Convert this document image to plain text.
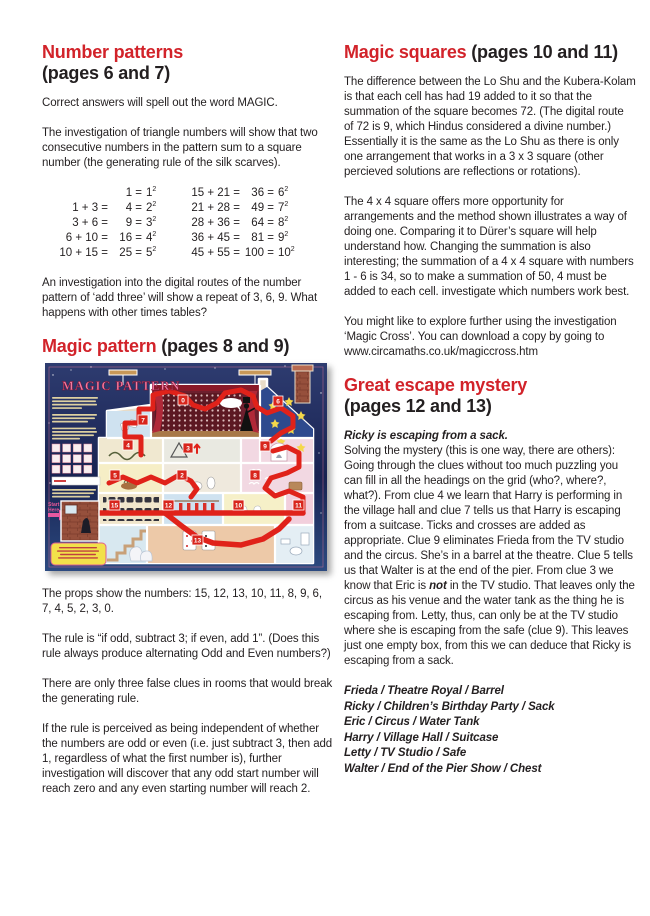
Number patterns
(pages 6 and 7)

Correct answers will spell out the word MAGIC.

The investigation of triangle numbers will show that two consecutive numbers in the pattern sum to a square number (the generating rule of the silk scarves).

	1 =	$1^2$
1 + 3 =	4 =	$2^2$
3 + 6 =	9 =	$3^2$
6 + 10 =	16 =	$4^2$
10 + 15 =	25 =	$5^2$
15 + 21 =	36 =	$6^2$
21 + 28 =	49 =	$7^2$
28 + 36 =	64 =	$8^2$
36 + 45 =	81 =	$9^2$
45 + 55 =	100 =	$10^2$

An investigation into the digital routes of the number pattern of ‘add three’ will show a repeat of 3, 6, 9. What happens with other times tables?

Magic pattern (pages 8 and 9)
0	6
7
4	3	9
5	2	8
15	12	10	11
13
MAGIC PATTERN
Start
Here

The props show the numbers: 15, 12, 13, 10, 11, 8, 9, 6, 7, 4, 5, 2, 3, 0.

The rule is “if odd, subtract 3; if even, add 1”. (Does this rule always produce alternating Odd and Even numbers?)

There are only three false clues in rooms that would break the generating rule.

If the rule is perceived as being independent of whether the numbers are odd or even (i.e. just subtract 3, then add 1, regardless of what the first number is), further investigation will discover that any odd start number will reach zero and any even starting number will reach 2.

Magic squares (pages 10 and 11)

The difference between the Lo Shu and the Kubera-Kolam is that each cell has had 19 added to it so that the summation of the square becomes 72. (The digital route of 72 is 9, which Hindus considered a divine number.) Essentially it is the same as the Lo Shu as there is only one arrangement that works in a 3 x 3 square (other percieved solutions are reflections or rotations).

The 4 x 4 square offers more opportunity for arrangements and the method shown illustrates a way of doing one. Comparing it to Dürer’s square will help understand how. Changing the summation is also interesting; the summation of a 4 x 4 square with numbers 1 - 6 is 34, so to make a summation of 50, 4 must be added to each cell. investigate which numbers work best.

You might like to explore further using the investigation ‘Magic Cross’. You can download a copy by going to www.circamaths.co.uk/magiccross.htm

Great escape mystery
(pages 12 and 13)

Ricky is escaping from a sack.

Solving the mystery (this is one way, there are others): Going through the clues without too much puzzling you can fill in all the headings on the grid (who?, where?, what?). From clue 4 we learn that Harry is performing in the village hall and clue 7 tells us that Harry is escaping from a suitcase. Ticks and crosses are added as appropriate. Clue 9 eliminates Frieda from the TV studio and the circus. She’s in a barrel at the theatre. Clue 5 tells us that Walter is at the end of the pier. From clue 3 we know that Eric is not in the TV studio. That leaves only the circus as his venue and the water tank as the thing he is escaping from. Letty, thus, can only be at the TV studio where she is escaping from the safe (clue 9). This leaves just one empty box, from this we can deduce that Ricky is escaping from a sack.

Frieda / Theatre Royal / Barrel
Ricky / Children’s Birthday Party / Sack
Eric / Circus / Water Tank
Harry / Village Hall / Suitcase
Letty / TV Studio / Safe
Walter / End of the Pier Show / Chest
